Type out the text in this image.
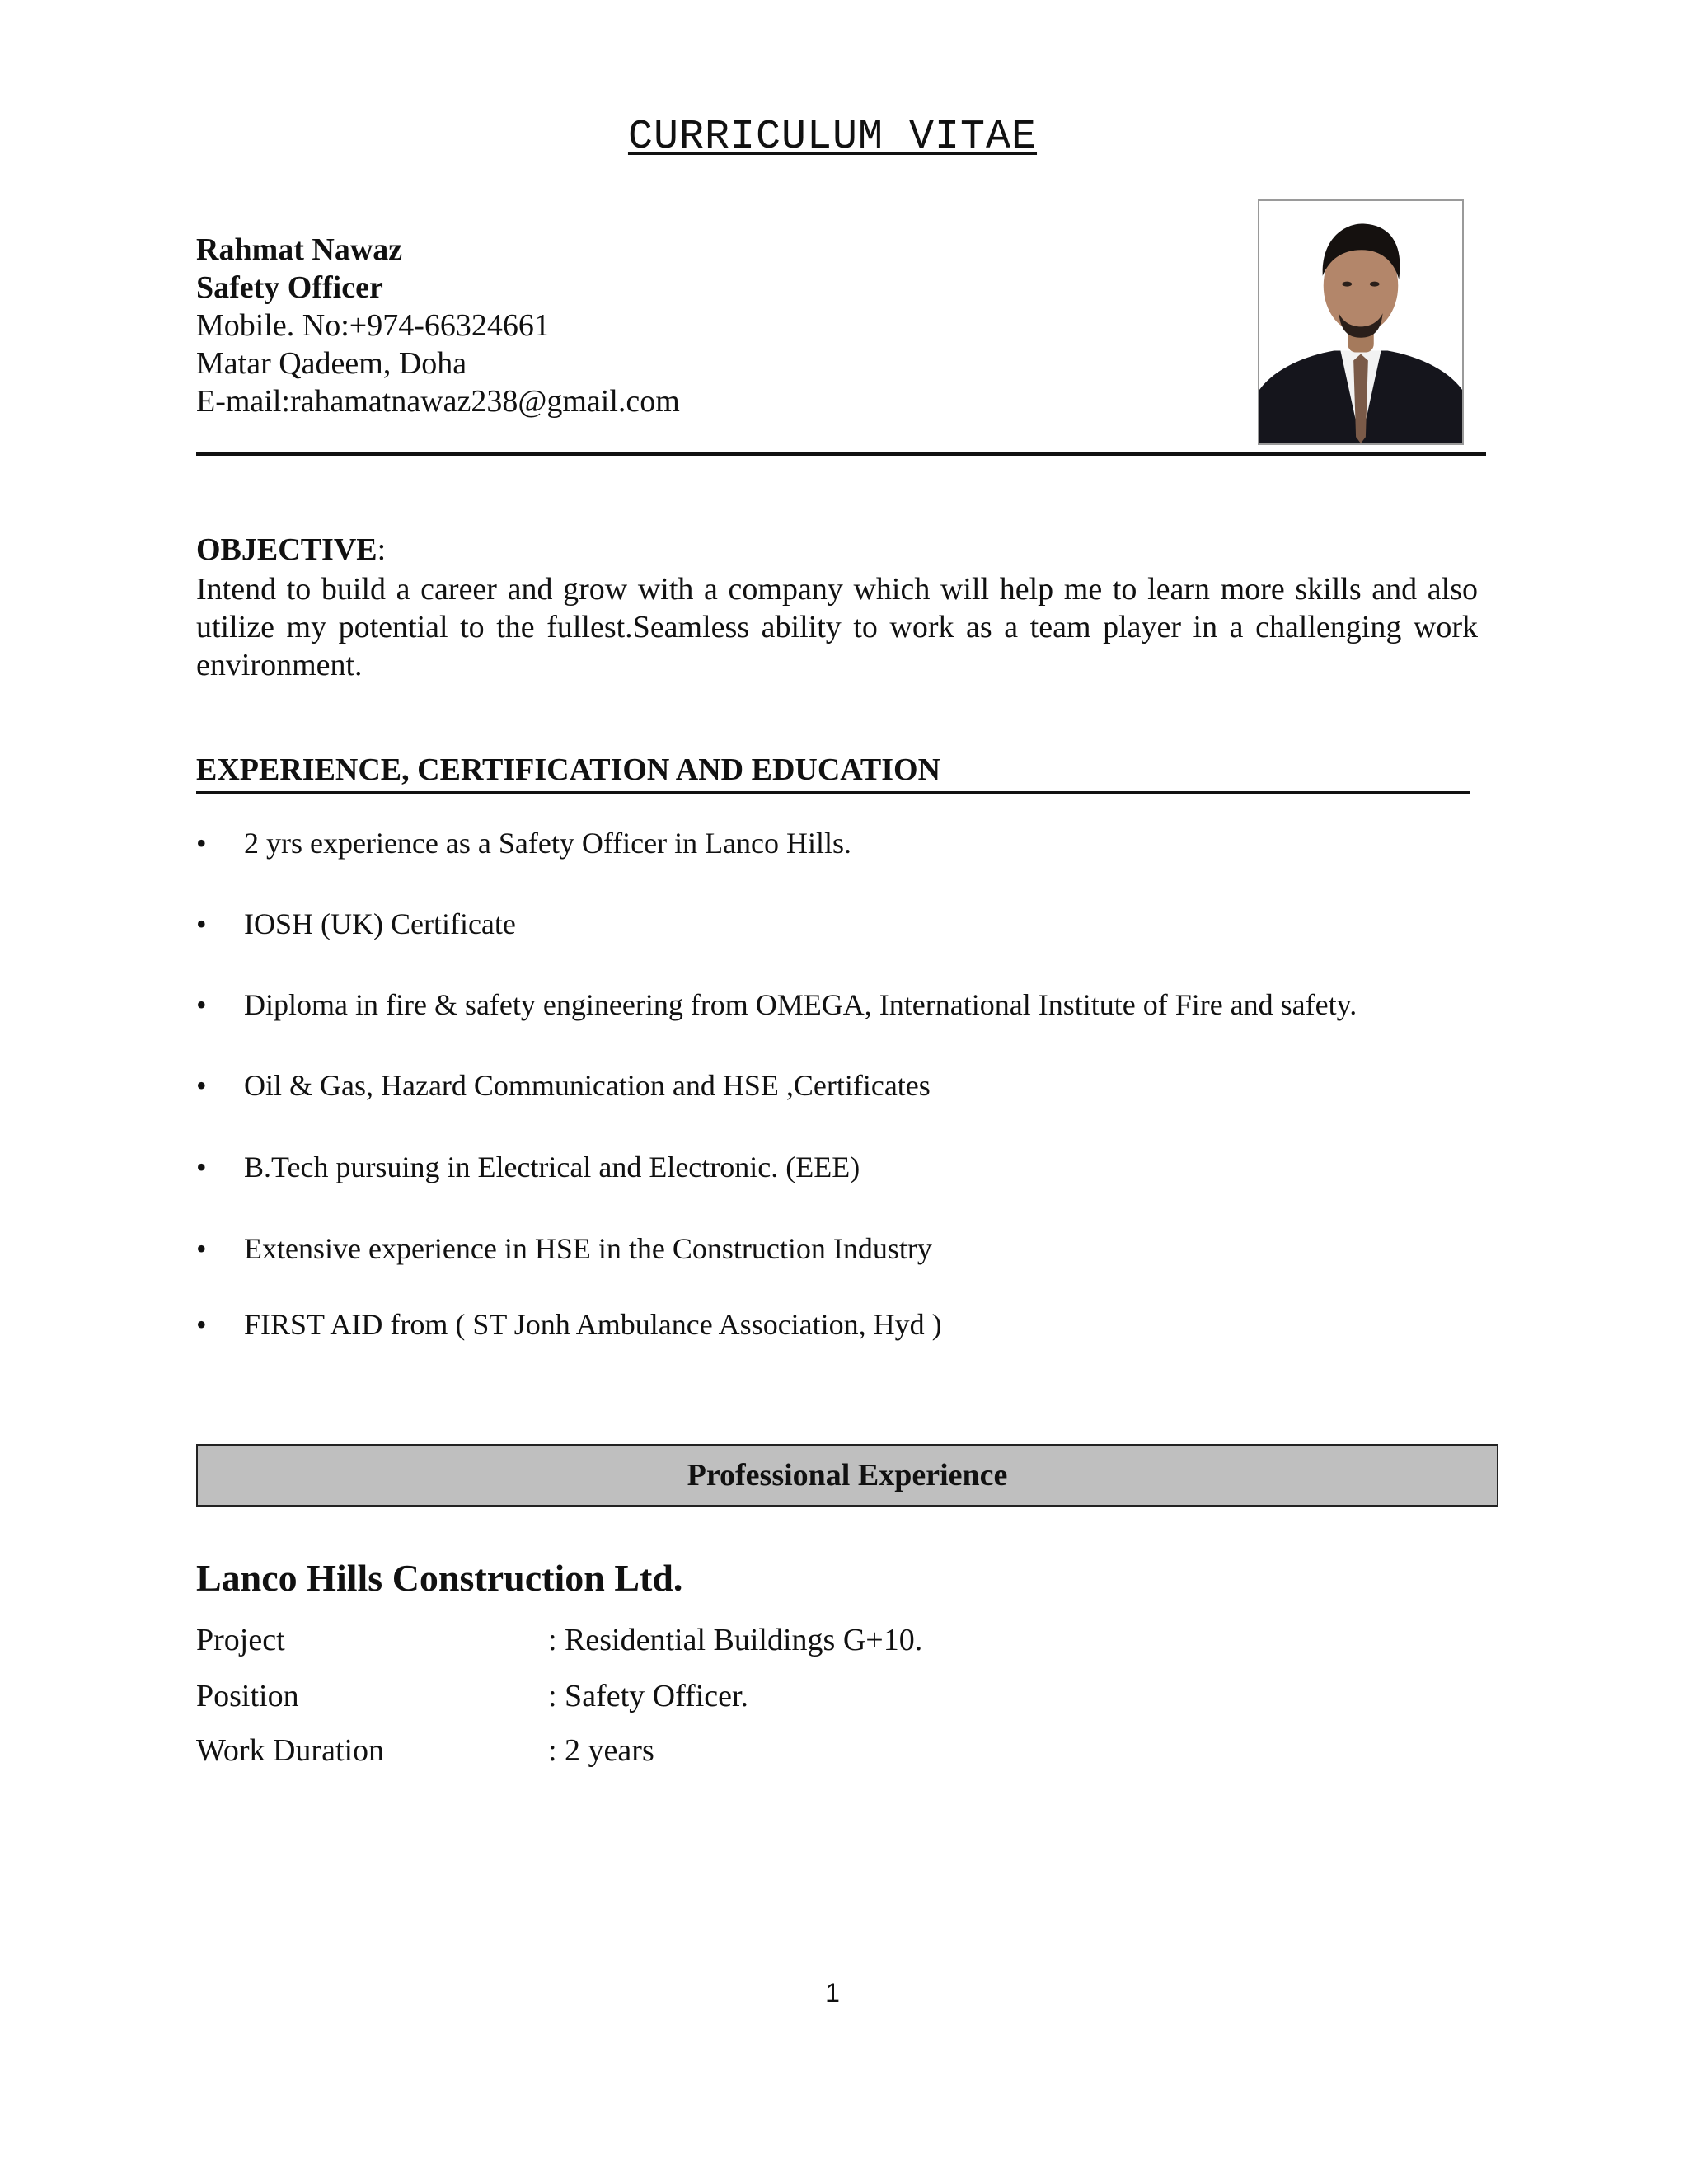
CURRICULUM VITAE
Rahmat Nawaz
Safety Officer
Mobile. No:+974-66324661
Matar Qadeem, Doha
E-mail:rahamatnawaz238@gmail.com
OBJECTIVE:
Intend to build a career and grow with a company which will help me to learn more skills and also utilize my potential to the fullest.Seamless ability to work as a team player in a challenging work environment.
EXPERIENCE, CERTIFICATION AND EDUCATION
• 2 yrs experience as a Safety Officer in Lanco Hills.
• IOSH (UK) Certificate
• Diploma in fire & safety engineering from OMEGA, International Institute of Fire and safety.
• Oil & Gas, Hazard Communication and HSE ,Certificates
• B.Tech pursuing in Electrical and Electronic. (EEE)
• Extensive experience in HSE in the Construction Industry
• FIRST AID from ( ST Jonh Ambulance Association, Hyd )
Professional Experience
Lanco Hills Construction Ltd.
Project	: Residential Buildings G+10.
Position	: Safety Officer.
Work Duration	: 2 years
1
